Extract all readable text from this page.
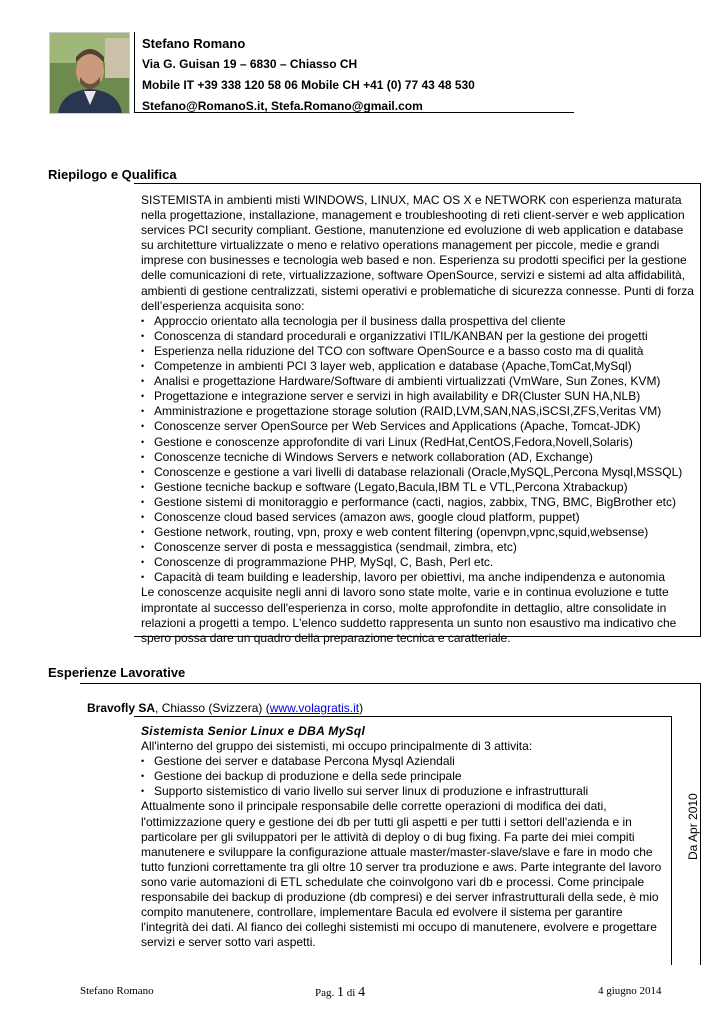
Stefano Romano
Via G. Guisan 19 – 6830 – Chiasso CH
Mobile IT +39 338 120 58 06 Mobile CH +41 (0) 77 43 48 530
Stefano@RomanoS.it, Stefa.Romano@gmail.com
Riepilogo e Qualifica

SISTEMISTA in ambienti misti WINDOWS, LINUX, MAC OS X e NETWORK con esperienza maturata nella progettazione, installazione, management e troubleshooting di reti client-server e web application services PCI security compliant. Gestione, manutenzione ed evoluzione di web application e database su architetture virtualizzate o meno e relativo operations management per piccole, medie e grandi imprese con businesses e tecnologia web based e non. Esperienza su prodotti specifici per la gestione delle comunicazioni di rete, virtualizzazione, software OpenSource, servizi e sistemi ad alta affidabilità, ambienti di gestione centralizzati, sistemi operativi e problematiche di sicurezza connesse. Punti di forza dell’esperienza acquisita sono:

• Approccio orientato alla tecnologia per il business dalla prospettiva del cliente
• Conoscenza di standard procedurali e organizzativi ITIL/KANBAN per la gestione dei progetti
• Esperienza nella riduzione del TCO con software OpenSource e a basso costo ma di qualità
• Competenze in ambienti PCI 3 layer web, application e database (Apache,TomCat,MySql)
• Analisi e progettazione Hardware/Software di ambienti virtualizzati (VmWare, Sun Zones, KVM)
• Progettazione e integrazione server e servizi in high availability e DR(Cluster SUN HA,NLB)
• Amministrazione e progettazione storage solution (RAID,LVM,SAN,NAS,iSCSI,ZFS,Veritas VM)
• Conoscenze server OpenSource per Web Services and Applications (Apache, Tomcat-JDK)
• Gestione e conoscenze approfondite di vari Linux (RedHat,CentOS,Fedora,Novell,Solaris)
• Conoscenze tecniche di Windows Servers e network collaboration (AD, Exchange)
• Conoscenze e gestione a vari livelli di database relazionali (Oracle,MySQL,Percona Mysql,MSSQL)
• Gestione tecniche backup e software (Legato,Bacula,IBM TL e VTL,Percona Xtrabackup)
• Gestione sistemi di monitoraggio e performance (cacti, nagios, zabbix, TNG, BMC, BigBrother etc)
• Conoscenze cloud based services (amazon aws, google cloud platform, puppet)
• Gestione network, routing, vpn, proxy e web content filtering (openvpn,vpnc,squid,websense)
• Conoscenze server di posta e messaggistica (sendmail, zimbra, etc)
• Conoscenze di programmazione PHP, MySql, C, Bash, Perl etc.
• Capacità di team building e leadership, lavoro per obiettivi, ma anche indipendenza e autonomia

Le conoscenze acquisite negli anni di lavoro sono state molte, varie e in continua evoluzione e tutte improntate al successo dell'esperienza in corso, molte approfondite in dettaglio, altre consolidate in relazioni a progetti a tempo. L'elenco suddetto rappresenta un sunto non esaustivo ma indicativo che spero possa dare un quadro della preparazione tecnica e caratteriale.

Esperienze Lavorative
Bravofly SA, Chiasso (Svizzera) (www.volagratis.it)
Sistemista Senior Linux e DBA MySql

All'interno del gruppo dei sistemisti, mi occupo principalmente di 3 attivita:

• Gestione dei server e database Percona Mysql Aziendali
• Gestione dei backup di produzione e della sede principale
• Supporto sistemistico di vario livello sui server linux di produzione e infrastrutturali

Attualmente sono il principale responsabile delle corrette operazioni di modifica dei dati, l'ottimizzazione query e gestione dei db per tutti gli aspetti e per tutti i settori dell'azienda e in particolare per gli sviluppatori per le attività di deploy o di bug fixing. Fa parte dei miei compiti manutenere e sviluppare la configurazione attuale master/master-slave/slave e fare in modo che tutto funzioni correttamente tra gli oltre 10 server tra produzione e aws. Parte integrante del lavoro sono varie automazioni di ETL schedulate che coinvolgono vari db e processi. Come principale responsabile dei backup di produzione (db compresi) e dei server infrastrutturali della sede, è mio compito manutenere, controllare, implementare Bacula ed evolvere il sistema per garantire l'integrità dei dati. Al fianco dei colleghi sistemisti mi occupo di manutenere, evolvere e progettare servizi e server sotto vari aspetti.

Da Apr 2010
Stefano Romano	Pag. 1 di 4	4 giugno 2014
